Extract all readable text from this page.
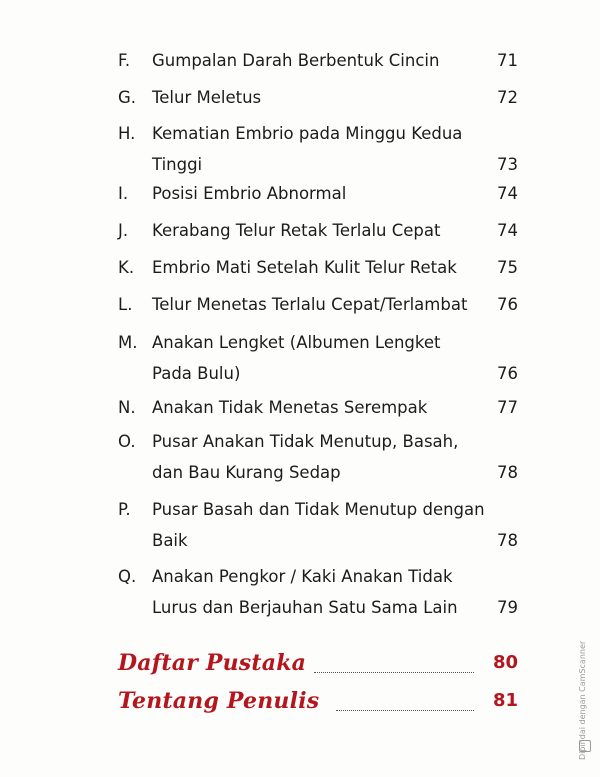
F. Gumpalan Darah Berbentuk Cincin	71
G. Telur Meletus	72
H. Kematian Embrio pada Minggu Kedua
Tinggi	73
I. Posisi Embrio Abnormal	74
J. Kerabang Telur Retak Terlalu Cepat	74
K. Embrio Mati Setelah Kulit Telur Retak	75
L. Telur Menetas Terlalu Cepat/Terlambat	76
M. Anakan Lengket (Albumen Lengket
Pada Bulu)	76
N. Anakan Tidak Menetas Serempak	77
O. Pusar Anakan Tidak Menutup, Basah,
dan Bau Kurang Sedap	78
P. Pusar Basah dan Tidak Menutup dengan
Baik	78
Q. Anakan Pengkor / Kaki Anakan Tidak
Lurus dan Berjauhan Satu Sama Lain	79
Daftar Pustaka	80
Tentang Penulis	81	Dipindai dengan CamScanner
